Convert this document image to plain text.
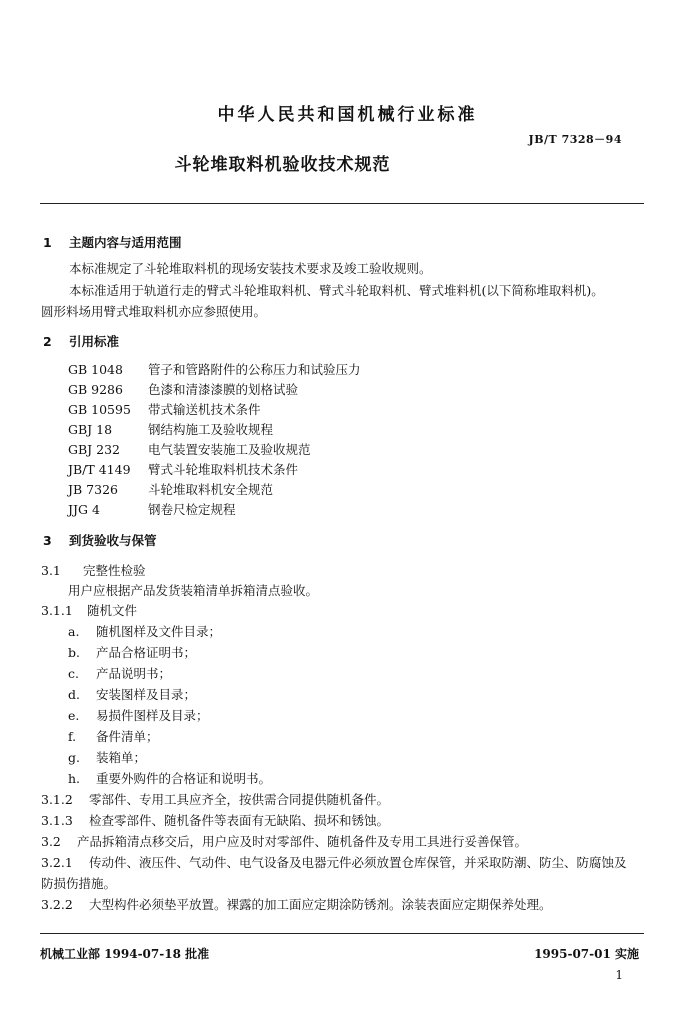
中华人民共和国机械行业标准
JB/T 7328－94
斗轮堆取料机验收技术规范
1 主题内容与适用范围
本标准规定了斗轮堆取料机的现场安装技术要求及竣工验收规则。
本标准适用于轨道行走的臂式斗轮堆取料机、臂式斗轮取料机、臂式堆料机(以下简称堆取料机)。
圆形料场用臂式堆取料机亦应参照使用。
2 引用标准
GB 1048 管子和管路附件的公称压力和试验压力
GB 9286 色漆和清漆漆膜的划格试验
GB 10595 带式输送机技术条件
GBJ 18	钢结构施工及验收规程
GBJ 232 电气装置安装施工及验收规范
JB/T 4149 臂式斗轮堆取料机技术条件
JB 7326 斗轮堆取料机安全规范
JJG 4	钢卷尺检定规程
3 到货验收与保管
3.1 完整性检验
用户应根据产品发货装箱清单拆箱清点验收。
3.1.1 随机文件
a. 随机图样及文件目录；
b. 产品合格证明书；
c. 产品说明书；
d. 安装图样及目录；
e. 易损件图样及目录；
f. 备件清单；
g. 装箱单；
h. 重要外购件的合格证和说明书。
3.1.2 零部件、专用工具应齐全，按供需合同提供随机备件。
3.1.3 检查零部件、随机备件等表面有无缺陷、损坏和锈蚀。
3.2 产品拆箱清点移交后，用户应及时对零部件、随机备件及专用工具进行妥善保管。
3.2.1 传动件、液压件、气动件、电气设备及电器元件必须放置仓库保管，并采取防潮、防尘、防腐蚀及
防损伤措施。
3.2.2 大型构件必须垫平放置。裸露的加工面应定期涂防锈剂。涂装表面应定期保养处理。
机械工业部 1994-07-18 批准	1995-07-01 实施
1
